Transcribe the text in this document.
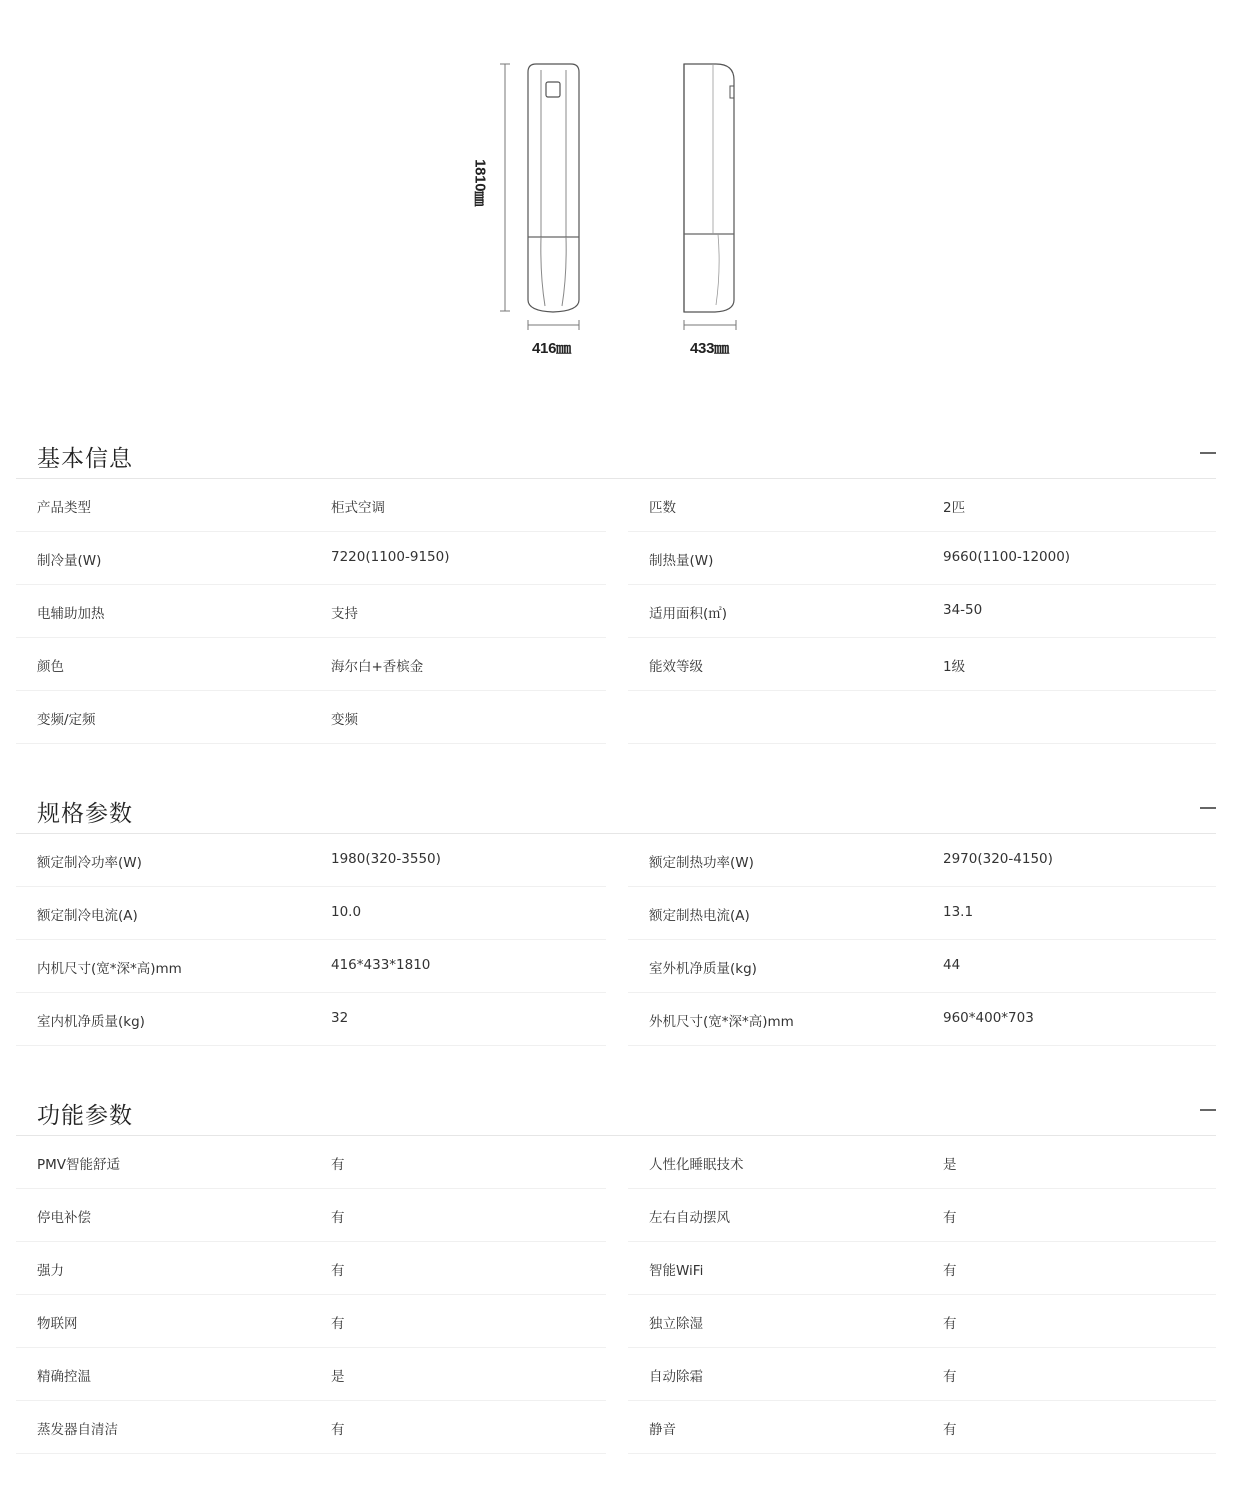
1810㎜
416㎜	433㎜
基本信息
产品类型	柜式空调	匹数	2匹
制冷量(W)	7220(1100-9150)	制热量(W)	9660(1100-12000)
电辅助加热	支持	适用面积(㎡)	34-50
颜色	海尔白+香槟金	能效等级	1级
变频/定频	变频
规格参数
额定制冷功率(W)	1980(320-3550)	额定制热功率(W)	2970(320-4150)
额定制冷电流(A)	10.0	额定制热电流(A)	13.1
内机尺寸(宽*深*高)mm	416*433*1810	室外机净质量(kg)	44
室内机净质量(kg)	32	外机尺寸(宽*深*高)mm	960*400*703
功能参数
PMV智能舒适	有	人性化睡眠技术	是
停电补偿	有	左右自动摆风	有
强力	有	智能WiFi	有
物联网	有	独立除湿	有
精确控温	是	自动除霜	有
蒸发器自清洁	有	静音	有
